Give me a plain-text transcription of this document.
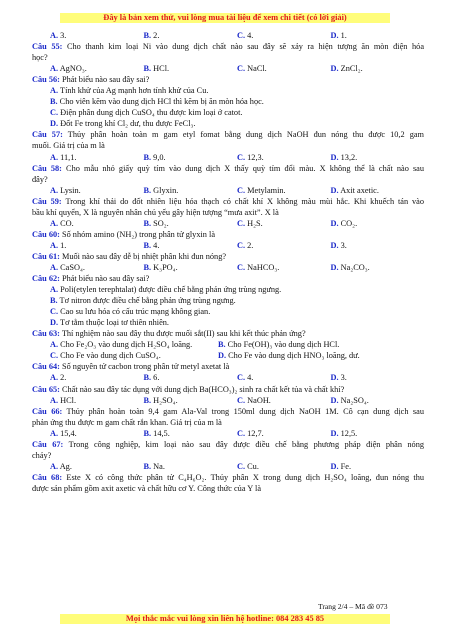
Đây là bản xem thử, vui lòng mua tài liệu để xem chi tiết (có lời giải)
A. 3.	B. 2.	C. 4.	D. 1.
Câu 55: Cho thanh kim loại Ni vào dung dịch chất nào sau đây sẽ xảy ra hiện tượng ăn mòn điện hóa
học?
A. AgNO₃.	B. HCl.	C. NaCl.	D. ZnCl₂.
Câu 56: Phát biểu nào sau đây sai?
A. Tính khử của Ag mạnh hơn tính khử của Cu.
B. Cho viên kẽm vào dung dịch HCl thì kẽm bị ăn mòn hóa học.
C. Điện phân dung dịch CuSO₄ thu được kim loại ở catot.
D. Đốt Fe trong khí Cl₂ dư, thu được FeCl₃.
Câu 57: Thủy phân hoàn toàn m gam etyl fomat bằng dung dịch NaOH đun nóng thu được 10,2 gam
muối. Giá trị của m là
A. 11,1.	B. 9,0.	C. 12,3.	D. 13,2.
Câu 58: Cho mẫu nhỏ giấy quỳ tím vào dung dịch X thấy quỳ tím đổi màu. X không thể là chất nào sau
đây?
A. Lysin.	B. Glyxin.	C. Metylamin.	D. Axit axetic.
Câu 59: Trong khí thải do đốt nhiên liệu hóa thạch có chất khí X không màu mùi hắc. Khi khuếch tán vào
bầu khí quyển, X là nguyên nhân chủ yếu gây hiện tượng “mưa axit”. X là
A. CO.	B. SO₂.	C. H₂S.	D. CO₂.
Câu 60: Số nhóm amino (NH₂) trong phân tử glyxin là
A. 1.	B. 4.	C. 2.	D. 3.
Câu 61: Muối nào sau đây dễ bị nhiệt phân khi đun nóng?
A. CaSO₄.	B. K₃PO₄.	C. NaHCO₃.	D. Na₂CO₃.
Câu 62: Phát biểu nào sau đây sai?
A. Poli(etylen terephtalat) được điều chế bằng phản ứng trùng ngưng.
B. Tơ nitron được điều chế bằng phản ứng trùng ngưng.
C. Cao su lưu hóa có cấu trúc mạng không gian.
D. Tơ tằm thuộc loại tơ thiên nhiên.
Câu 63: Thí nghiệm nào sau đây thu được muối sắt(II) sau khi kết thúc phản ứng?
A. Cho Fe₂O₃ vào dung dịch H₂SO₄ loãng.	B. Cho Fe(OH)₃ vào dung dịch HCl.
C. Cho Fe vào dung dịch CuSO₄.	D. Cho Fe vào dung dịch HNO₃ loãng, dư.
Câu 64: Số nguyên tử cacbon trong phân tử metyl axetat là
A. 2.	B. 6.	C. 4.	D. 3.
Câu 65: Chất nào sau đây tác dụng với dung dịch Ba(HCO₃)₂ sinh ra chất kết tủa và chất khí?
A. HCl.	B. H₂SO₄.	C. NaOH.	D. Na₂SO₄.
Câu 66: Thủy phân hoàn toàn 9,4 gam Ala-Val trong 150ml dung dịch NaOH 1M. Cô cạn dung dịch sau
phản ứng thu được m gam chất rắn khan. Giá trị của m là
A. 15,4.	B. 14,5.	C. 12,7.	D. 12,5.
Câu 67: Trong công nghiệp, kim loại nào sau đây được điều chế bằng phương pháp điện phân nóng
chảy?
A. Ag.	B. Na.	C. Cu.	D. Fe.
Câu 68: Este X có công thức phân tử C₄H₆O₂. Thủy phân X trong dung dịch H₂SO₄ loãng, đun nóng thu
được sản phẩm gồm axit axetic và chất hữu cơ Y. Công thức của Y là
Trang 2/4 – Mã đề 073
Mọi thắc mắc vui lòng xin liên hệ hotline: 084 283 45 85
